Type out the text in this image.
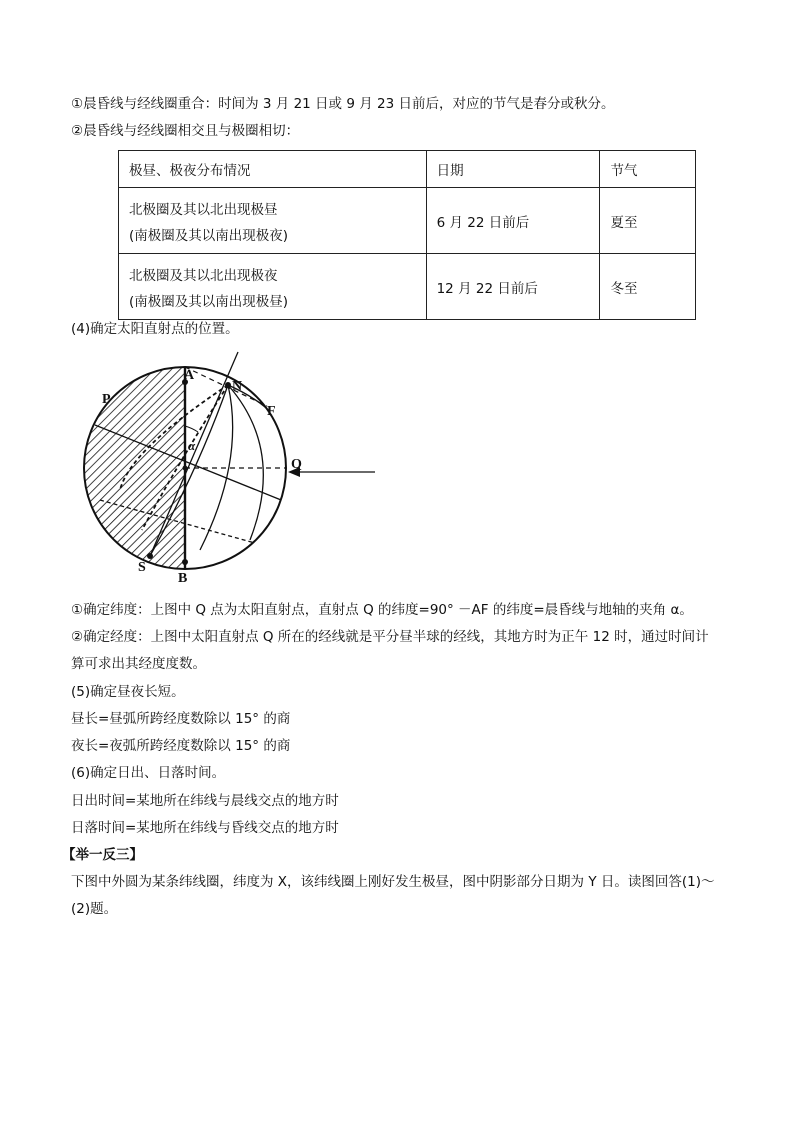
①晨昏线与经线圈重合：时间为 3 月 21 日或 9 月 23 日前后，对应的节气是春分或秋分。
②晨昏线与经线圈相交且与极圈相切：
极昼、极夜分布情况	日期	节气
北极圈及其以北出现极昼
(南极圈及其以南出现极夜)	6 月 22 日前后	夏至
北极圈及其以北出现极夜
(南极圈及其以南出现极昼)	12 月 22 日前后	冬至
(4)确定太阳直射点的位置。
A
N
P
F
Q
S
B
α
①确定纬度：上图中 Q 点为太阳直射点，直射点 Q 的纬度=90° －AF 的纬度=晨昏线与地轴的夹角 α。
②确定经度：上图中太阳直射点 Q 所在的经线就是平分昼半球的经线，其地方时为正午 12 时，通过时间计
算可求出其经度度数。
(5)确定昼夜长短。
昼长=昼弧所跨经度数除以 15° 的商
夜长=夜弧所跨经度数除以 15° 的商
(6)确定日出、日落时间。
日出时间=某地所在纬线与晨线交点的地方时
日落时间=某地所在纬线与昏线交点的地方时
【举一反三】
下图中外圆为某条纬线圈，纬度为 X，该纬线圈上刚好发生极昼，图中阴影部分日期为 Y 日。读图回答(1)～
(2)题。
